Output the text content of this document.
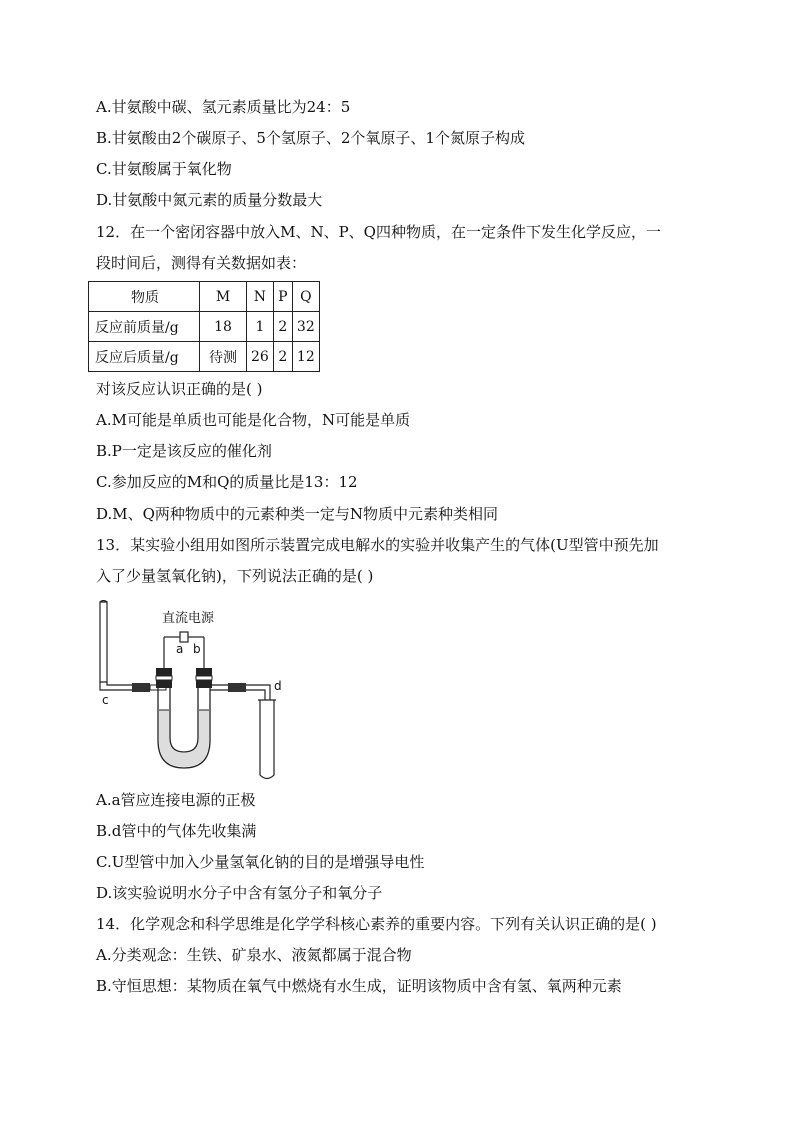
A.甘氨酸中碳、氢元素质量比为24：5
B.甘氨酸由2个碳原子、5个氢原子、2个氧原子、1个氮原子构成
C.甘氨酸属于氧化物
D.甘氨酸中氮元素的质量分数最大
12．在一个密闭容器中放入M、N、P、Q四种物质，在一定条件下发生化学反应，一
段时间后，测得有关数据如表：
物质	M	N	P	Q
反应前质量/g	18	1	2	32
反应后质量/g	待测	26	2	12
对该反应认识正确的是( )
A.M可能是单质也可能是化合物，N可能是单质
B.P一定是该反应的催化剂
C.参加反应的M和Q的质量比是13：12
D.M、Q两种物质中的元素种类一定与N物质中元素种类相同
13．某实验小组用如图所示装置完成电解水的实验并收集产生的气体(U型管中预先加
入了少量氢氧化钠)，下列说法正确的是( )
直流电源
a b
c
d
A.a管应连接电源的正极
B.d管中的气体先收集满
C.U型管中加入少量氢氧化钠的目的是增强导电性
D.该实验说明水分子中含有氢分子和氧分子
14．化学观念和科学思维是化学学科核心素养的重要内容。下列有关认识正确的是( )
A.分类观念：生铁、矿泉水、液氮都属于混合物
B.守恒思想：某物质在氧气中燃烧有水生成，证明该物质中含有氢、氧两种元素
